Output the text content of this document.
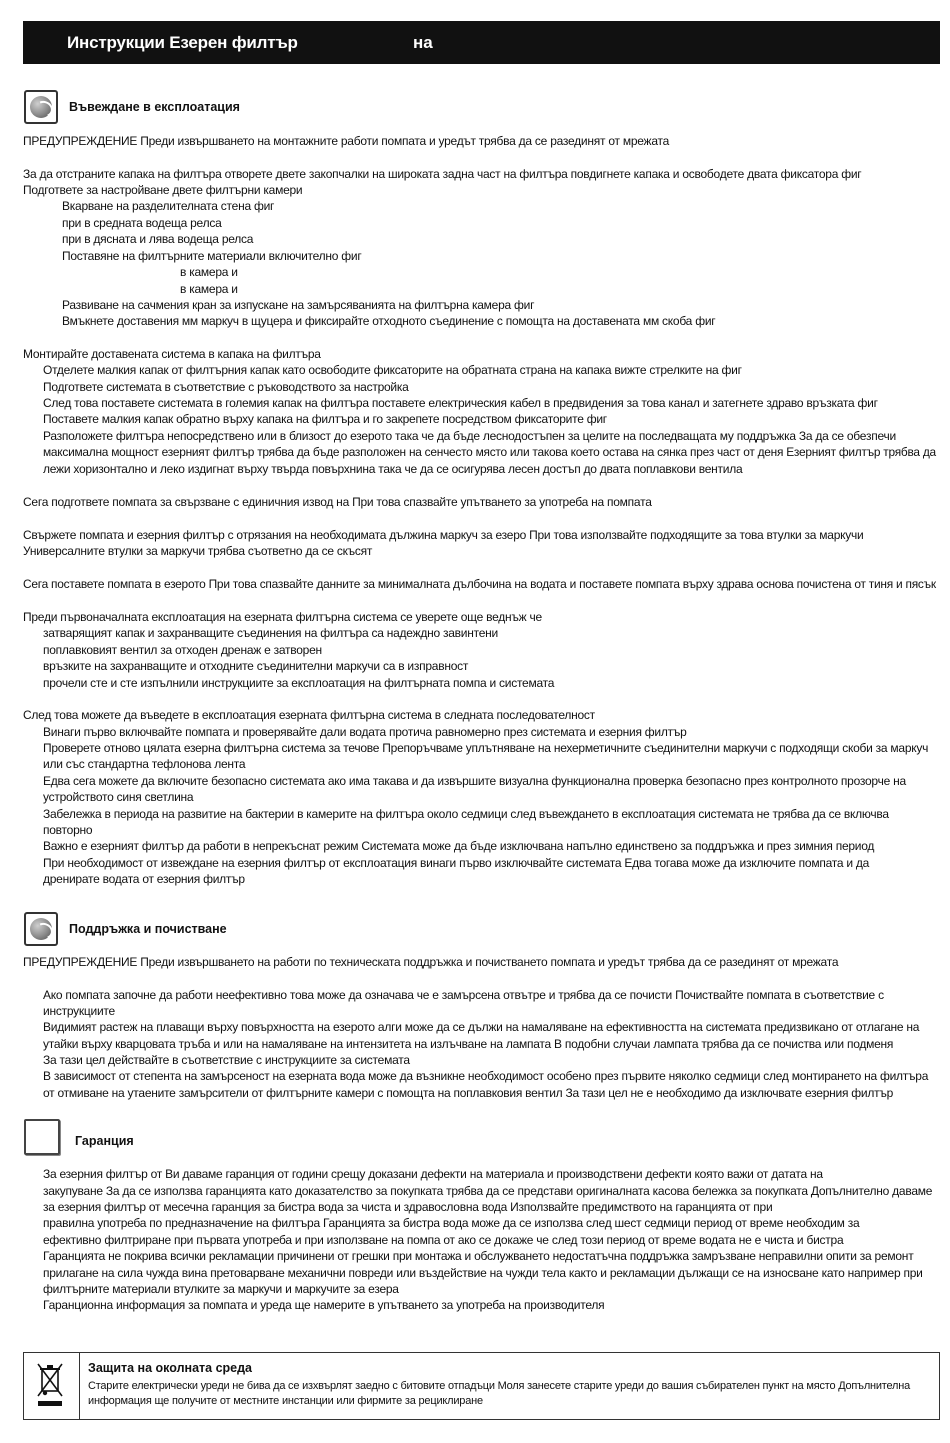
Инструкции Езерен филтър	на
Въвеждане в експлоатация
ПРЕДУПРЕЖДЕНИЕ Преди извършването на монтажните работи помпата и уредът трябва да се разединят от мрежата
За да отстраните капака на филтъра отворете двете закопчалки на широката задна част на филтъра повдигнете капака и освободете двата фиксатора фиг
Подгответе за настройване двете филтърни камери
Вкарване на разделителната стена фиг
при в средната водеща релса
при в дясната и лява водеща релса
Поставяне на филтърните материали включително фиг
в камера и
в камера и
Развиване на сачмения кран за изпускане на замърсяванията на филтърна камера фиг
Вмъкнете доставения мм маркуч в щуцера и фиксирайте отходното съединение с помощта на доставената мм скоба фиг
Монтирайте доставената система в капака на филтъра
Отделете малкия капак от филтърния капак като освободите фиксаторите на обратната страна на капака вижте стрелките на фиг
Подгответе системата в съответствие с ръководството за настройка
След това поставете системата в големия капак на филтъра поставете електрическия кабел в предвидения за това канал и затегнете здраво връзката фиг
Поставете малкия капак обратно върху капака на филтъра и го закрепете посредством фиксаторите фиг
Разположете филтъра непосредствено или в близост до езерото така че да бъде леснодостъпен за целите на последващата му поддръжка За да се обезпечи
максимална мощност езерният филтър трябва да бъде разположен на сенчесто място или такова което остава на сянка през част от деня Езерният филтър трябва да
лежи хоризонтално и леко издигнат върху твърда повърхнина така че да се осигурява лесен достъп до двата поплавкови вентила
Сега подгответе помпата за свързване с единичния извод на При това спазвайте упътването за употреба на помпата
Свържете помпата и езерния филтър с отрязания на необходимата дължина маркуч за езеро При това използвайте подходящите за това втулки за маркучи
Универсалните втулки за маркучи трябва съответно да се скъсят
Сега поставете помпата в езерото При това спазвайте данните за минималната дълбочина на водата и поставете помпата върху здрава основа почистена от тиня и пясък
Преди първоначалната експлоатация на езерната филтърна система се уверете още веднъж че
затварящият капак и захранващите съединения на филтъра са надеждно завинтени
поплавковият вентил за отходен дренаж е затворен
връзките на захранващите и отходните съединителни маркучи са в изправност
прочели сте и сте изпълнили инструкциите за експлоатация на филтърната помпа и системата
След това можете да въведете в експлоатация езерната филтърна система в следната последователност
Винаги първо включвайте помпата и проверявайте дали водата протича равномерно през системата и езерния филтър
Проверете отново цялата езерна филтърна система за течове Препоръчваме уплътняване на нехерметичните съединителни маркучи с подходящи скоби за маркуч
или със стандартна тефлонова лента
Едва сега можете да включите безопасно системата ако има такава и да извършите визуална функционална проверка безопасно през контролното прозорче на
устройството синя светлина
Забележка в периода на развитие на бактерии в камерите на филтъра около седмици след въвеждането в експлоатация системата не трябва да се включва
повторно
Важно е езерният филтър да работи в непрекъснат режим Системата може да бъде изключвана напълно единствено за поддръжка и през зимния период
При необходимост от извеждане на езерния филтър от експлоатация винаги първо изключвайте системата Едва тогава може да изключите помпата и да
дренирате водата от езерния филтър
Поддръжка и почистване
ПРЕДУПРЕЖДЕНИЕ Преди извършването на работи по техническата поддръжка и почистването помпата и уредът трябва да се разединят от мрежата
Ако помпата започне да работи неефективно това може да означава че е замърсена отвътре и трябва да се почисти Почиствайте помпата в съответствие с
инструкциите
Видимият растеж на плаващи върху повърхността на езерото алги може да се дължи на намаляване на ефективността на системата предизвикано от отлагане на
утайки върху кварцовата тръба и или на намаляване на интензитета на излъчване на лампата В подобни случаи лампата трябва да се почиства или подменя
За тази цел действайте в съответствие с инструкциите за системата
В зависимост от степента на замърсеност на езерната вода може да възникне необходимост особено през първите няколко седмици след монтирането на филтъра
от отмиване на утаените замърсители от филтърните камери с помощта на поплавковия вентил За тази цел не е необходимо да изключвате езерния филтър
Гаранция
За езерния филтър от Ви даваме гаранция от години срещу доказани дефекти на материала и производствени дефекти която важи от датата на
закупуване За да се използва гаранцията като доказателство за покупката трябва да се представи оригиналната касова бележка за покупката Допълнително даваме
за езерния филтър от месечна гаранция за бистра вода за чиста и здравословна вода Използвайте предимството на гаранцията от при
правилна употреба по предназначение на филтъра Гаранцията за бистра вода може да се използва след шест седмици период от време необходим за
ефективно филтриране при първата употреба и при използване на помпа от ако се докаже че след този период от време водата не е чиста и бистра
Гаранцията не покрива всички рекламации причинени от грешки при монтажа и обслужването недостатъчна поддръжка замръзване неправилни опити за ремонт
прилагане на сила чужда вина претоварване механични повреди или въздействие на чужди тела както и рекламации дължащи се на износване като например при
филтърните материали втулките за маркучи и маркучите за езера
Гаранционна информация за помпата и уреда ще намерите в упътването за употреба на производителя
Защита на околната среда
Старите електрически уреди не бива да се изхвърлят заедно с битовите отпадъци Моля занесете старите уреди до вашия събирателен пункт на място Допълнителна
информация ще получите от местните инстанции или фирмите за рециклиране
